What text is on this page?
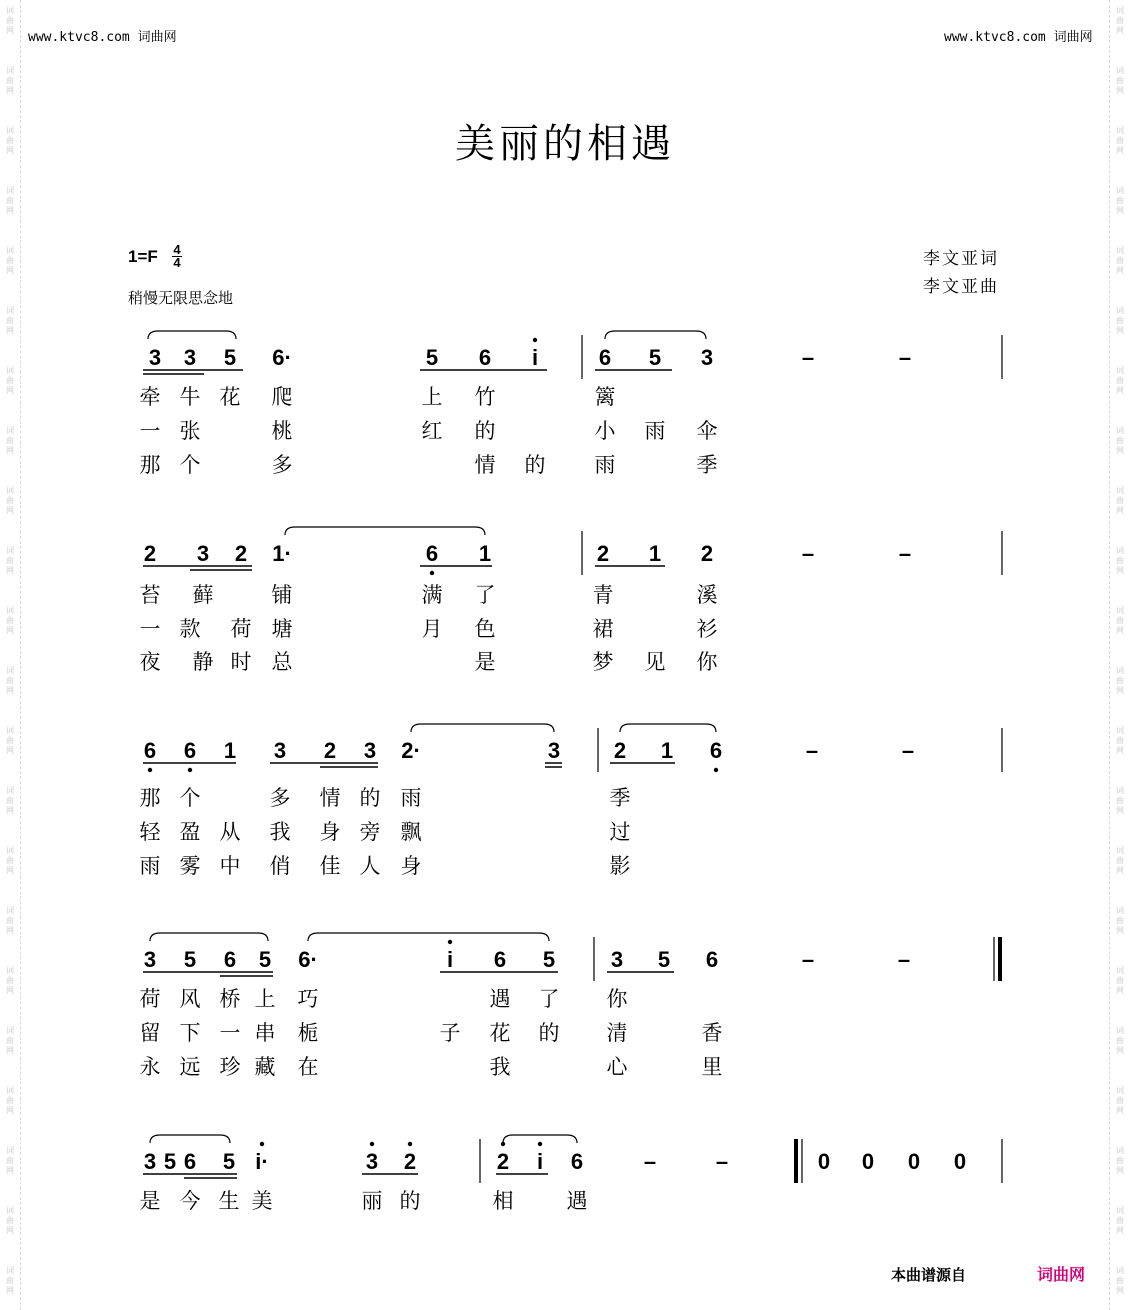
词
曲
网
词
曲
网
词
曲
网
词
曲
网
词
曲
网
词
曲
网
词
曲
网
词
曲
网
词
曲
网
词
曲
网
词
曲
网
词
曲
网
词
曲
网
词
曲
网
词
曲
网
词
曲
网
词
曲
网
词
曲
网
词
曲
网
词
曲
网
词
曲
网
词
曲
网
词
曲
网
词
曲
网
词
曲
网
词
曲
网
词
曲
网
词
曲
网
词
曲
网
词
曲
网
词
曲
网
词
曲
网
词
曲
网
词
曲
网
词
曲
网
词
曲
网
词
曲
网
词
曲
网
词
曲
网
词
曲
网
词
曲
网
词
曲
网
词
曲
网
词
曲
网
www.ktvc8.com 词曲网	www.ktvc8.com 词曲网
美丽的相遇
1=F 4
4
稍慢无限思念地
李文亚词
李文亚曲
3 3 5 6·	5 6 i	6 5 3	–	–
牵 牛 花 爬	上 竹	篱
一 张	桃	红 的	小 雨 伞
那 个	多	情 的 雨	季
2 3 2 1·	6 1	2 1 2	–	–
苔 藓	铺	满 了	青	溪
一 款 荷 塘	月 色	裙	衫
夜 静 时 总	是	梦 见 你
6 6 1 3 2 3 2·	3 2 1 6	–	–
那 个	多 情 的 雨	季
轻 盈 从 我 身 旁 飘	过
雨 雾 中 俏 佳 人 身	影
3 5 6 5 6·	i 6 5	3 5 6	–	–
荷 风 桥 上 巧	遇 了 你
留 下 一 串 栀	子 花 的 清	香
永 远 珍 藏 在	我	心	里
3 5 6 5 i·	3 2	2 i 6	–	–	0 0 0 0
是 今 生 美	丽 的	相	遇
本曲谱源自	词曲网
